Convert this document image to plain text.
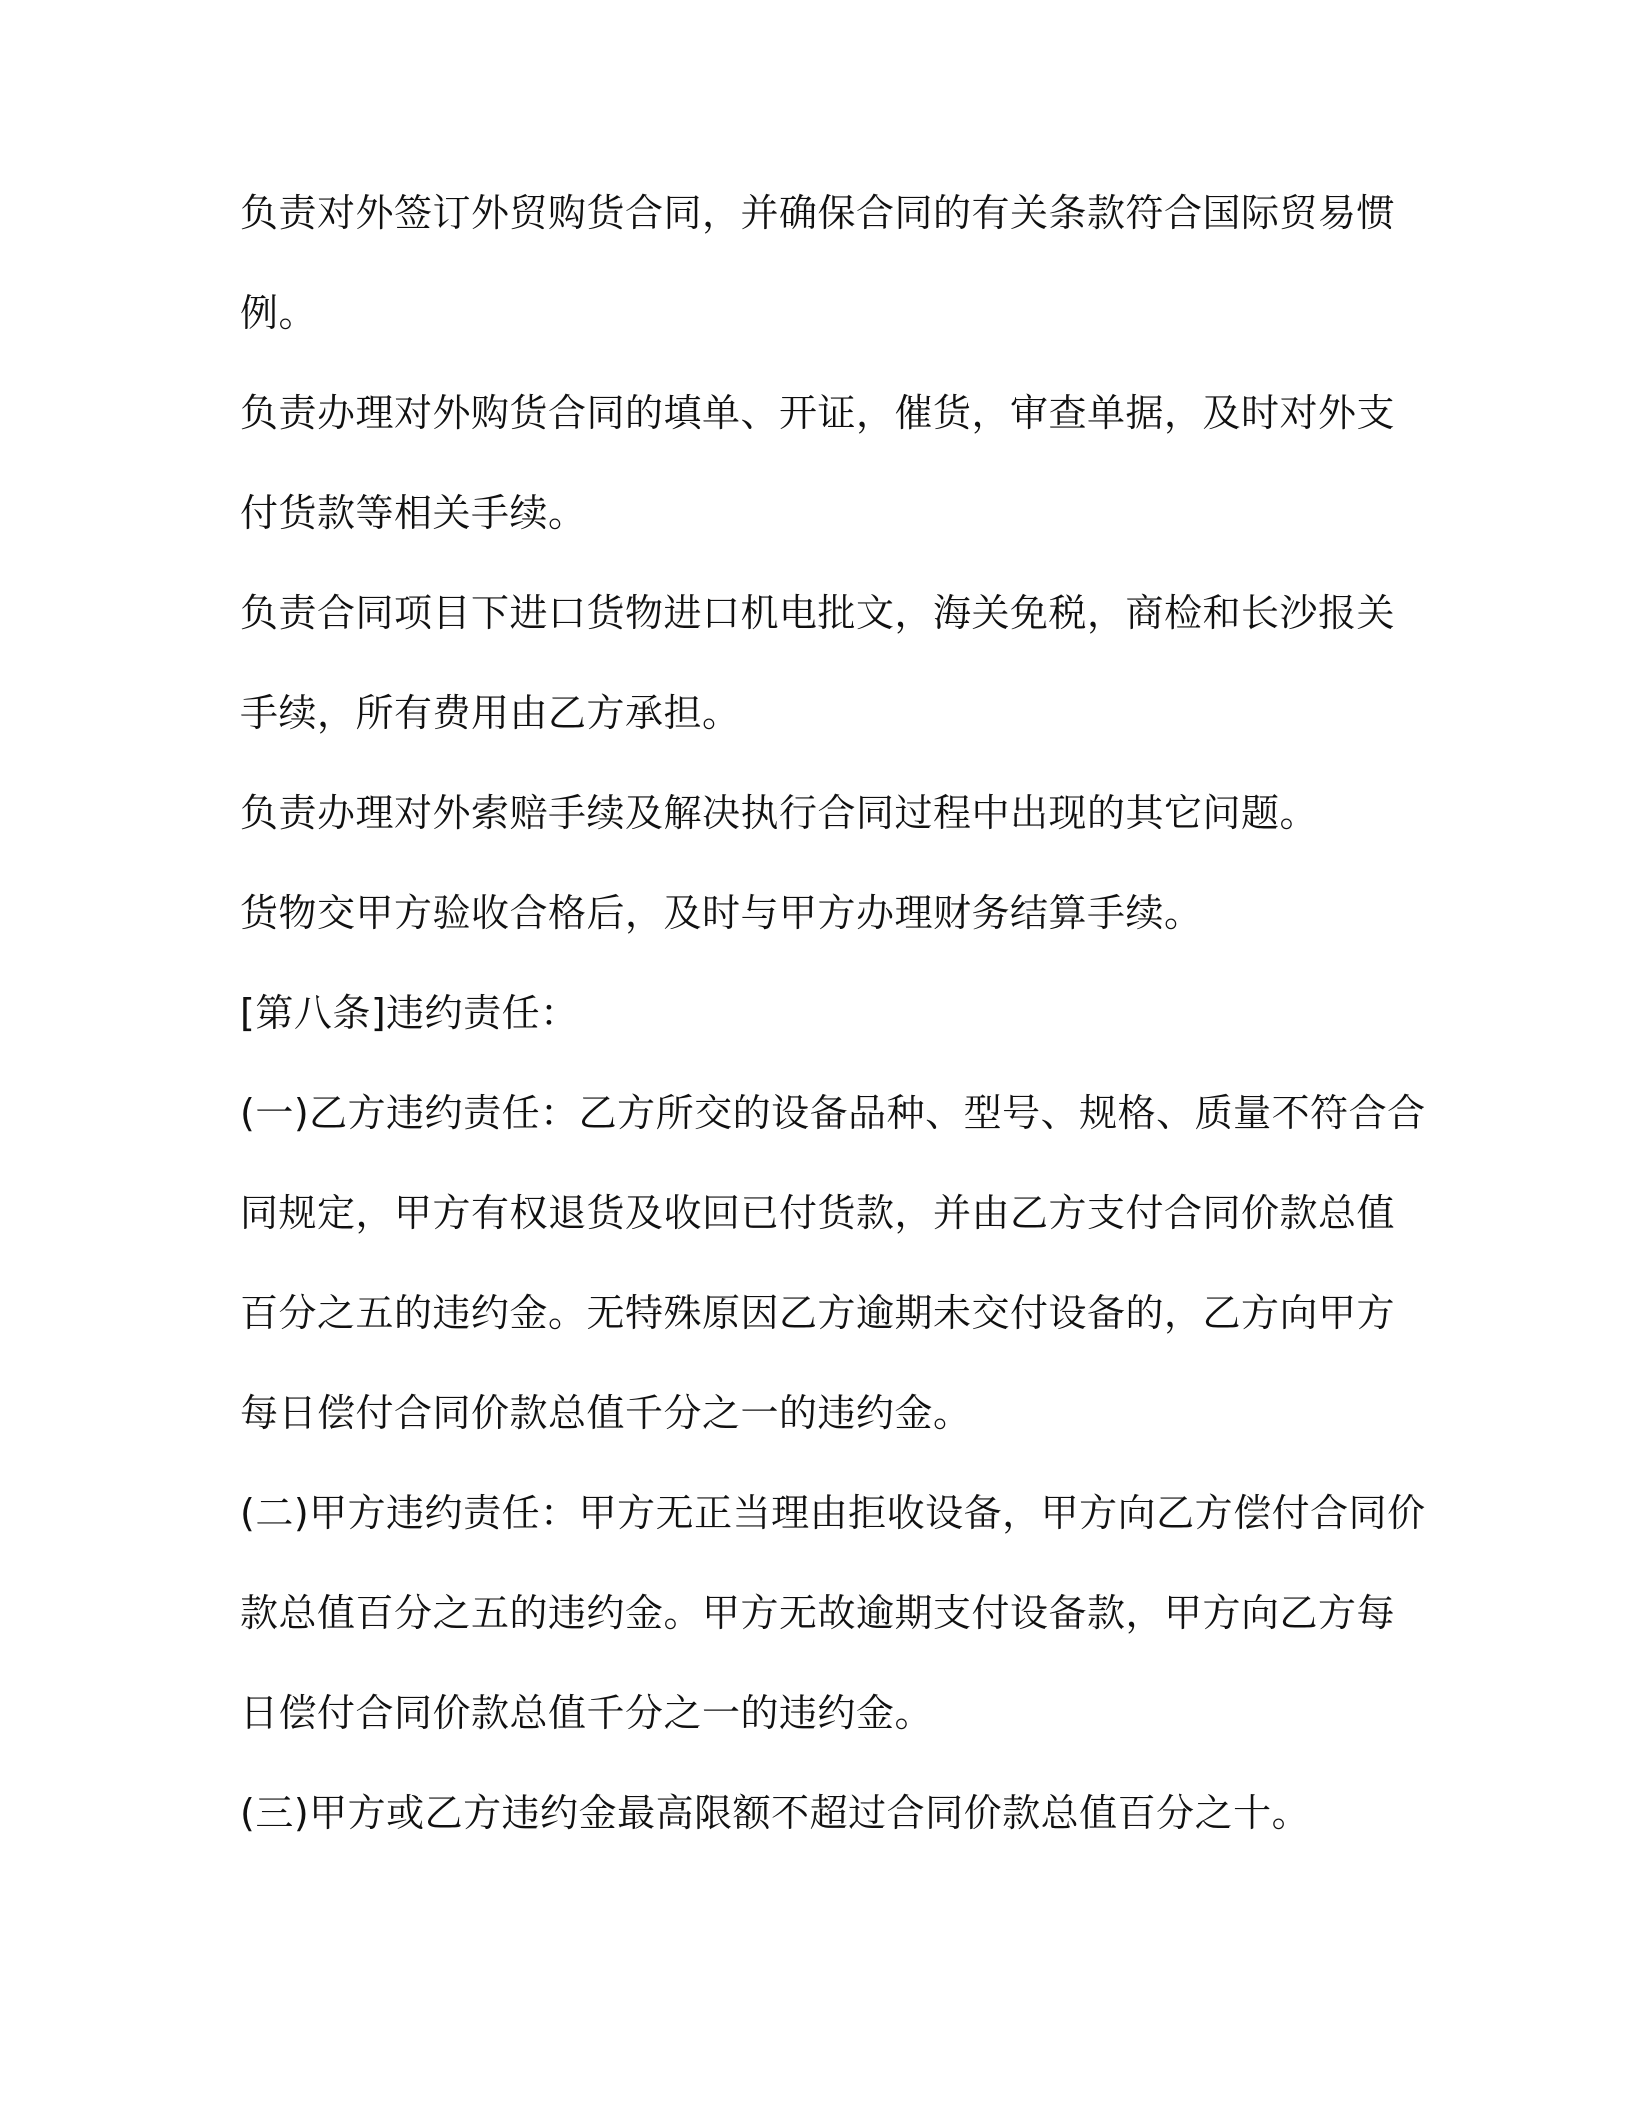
负责对外签订外贸购货合同，并确保合同的有关条款符合国际贸易惯

例。

负责办理对外购货合同的填单、开证，催货，审查单据，及时对外支

付货款等相关手续。

负责合同项目下进口货物进口机电批文，海关免税，商检和长沙报关

手续，所有费用由乙方承担。

负责办理对外索赔手续及解决执行合同过程中出现的其它问题。

货物交甲方验收合格后，及时与甲方办理财务结算手续。

[第八条]违约责任：

(一)乙方违约责任：乙方所交的设备品种、型号、规格、质量不符合合

同规定，甲方有权退货及收回已付货款，并由乙方支付合同价款总值

百分之五的违约金。无特殊原因乙方逾期未交付设备的，乙方向甲方

每日偿付合同价款总值千分之一的违约金。

(二)甲方违约责任：甲方无正当理由拒收设备，甲方向乙方偿付合同价

款总值百分之五的违约金。甲方无故逾期支付设备款，甲方向乙方每

日偿付合同价款总值千分之一的违约金。

(三)甲方或乙方违约金最高限额不超过合同价款总值百分之十。
